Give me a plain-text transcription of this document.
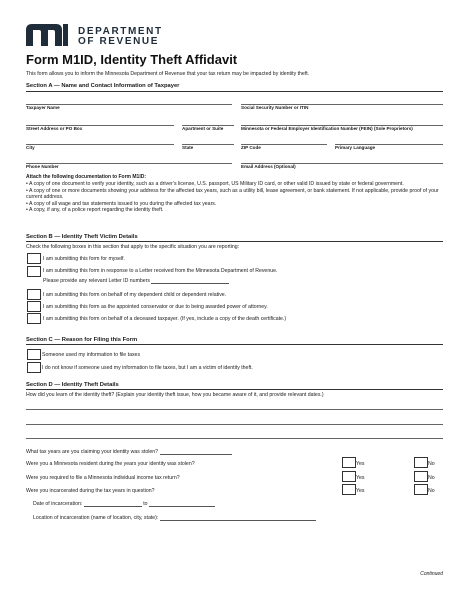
DEPARTMENT
OF REVENUE
Form M1ID, Identity Theft Affidavit
This form allows you to inform the Minnesota Department of Revenue that your tax return may be impacted by identity theft.
Section A — Name and Contact Information of Taxpayer
Taxpayer Name	Social Security Number or ITIN
Street Address or PO Box	Apartment or Suite	Minnesota or Federal Employer Identification Number (FEIN) (Sole Proprietors)
City	State	ZIP Code	Primary Language
Phone Number	Email Address (Optional)
Attach the following documentation to Form M1ID:
• A copy of one document to verify your identity, such as a driver’s license, U.S. passport, US Military ID card, or other valid ID issued by state or federal government.
• A copy of one or more documents showing your address for the affected tax years, such as a utility bill, lease agreement, or bank statement. If not applicable, provide proof of your current address.
• A copy of all wage and tax statements issued to you during the affected tax years.
• A copy, if any, of a police report regarding the identity theft.
Section B — Identity Theft Victim Details
Check the following boxes in this section that apply to the specific situation you are reporting:
I am submitting this form for myself.
I am submitting this form in response to a Letter received from the Minnesota Department of Revenue.
Please provide any relevant Letter ID numbers
I am submitting this form on behalf of my dependent child or dependent relative.
I am submitting this form as the appointed conservator or due to being awarded power of attorney.
I am submitting this form on behalf of a deceased taxpayer. (If yes, include a copy of the death certificate.)
Section C — Reason for Filing this Form
Someone used my information to file taxes
I do not know if someone used my information to file taxes, but I am a victim of identity theft.
Section D — Identity Theft Details
How did you learn of the identity theft? (Explain your identity theft issue, how you became aware of it, and provide relevant dates.)
What tax years are you claiming your identity was stolen?
Were you a Minnesota resident during the years your identity was stolen?	Yes	No
Were you required to file a Minnesota individual income tax return?	Yes	No
Were you incarcerated during the tax years in question?	Yes	No
Date of incarceration:	to
Location of incarceration (name of location, city, state):
Continued
